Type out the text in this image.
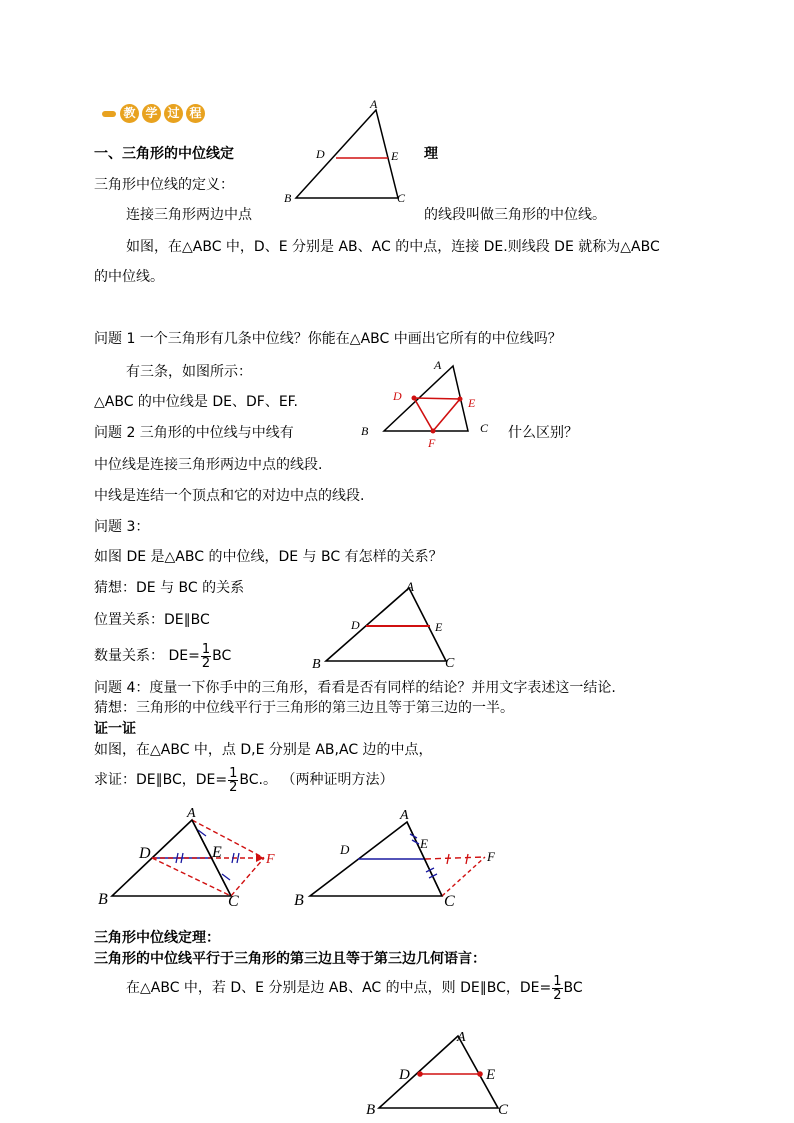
教 学 过 程
一、三角形的中位线定	理
三角形中位线的定义：
连接三角形两边中点	的线段叫做三角形的中位线。
如图，在△ABC 中，D、E 分别是 AB、AC 的中点，连接 DE.则线段 DE 就称为△ABC
的中位线。
A
D	E
B	C
问题 1 一个三角形有几条中位线？你能在△ABC 中画出它所有的中位线吗？
有三条，如图所示：
△ABC 的中位线是 DE、DF、EF.
A
D	E
B	C
F
问题 2 三角形的中位线与中线有	什么区别？
中位线是连接三角形两边中点的线段.
中线是连结一个顶点和它的对边中点的线段.
问题 3：
如图 DE 是△ABC 的中位线，DE 与 BC 有怎样的关系？
猜想：DE 与 BC 的关系
位置关系：DE∥BC
数量关系： $DE= \frac{1}{2}$ BC
A
D	E
B	C
问题 4：度量一下你手中的三角形，看看是否有同样的结论？并用文字表述这一结论.
猜想：三角形的中位线平行于三角形的第三边且等于第三边的一半。
证一证
如图，在△ABC 中，点 D,E 分别是 AB,AC 边的中点，
求证：DE∥BC，$DE= \frac{1}{2}$ BC.。 （两种证明方法）
A
D	E	F
B	C
A
D	E
F
B	C
三角形中位线定理：
三角形的中位线平行于三角形的第三边且等于第三边几何语言：
在△ABC 中，若 D、E 分别是边 AB、AC 的中点，则 DE∥BC，$DE= \frac{1}{2}$ BC
A
D	E
B	C
